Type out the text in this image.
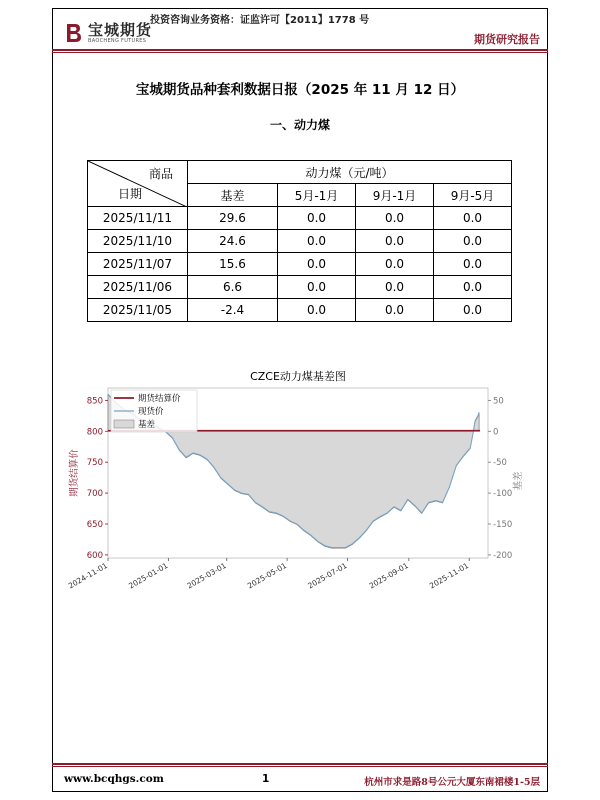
宝城期货
BAOCHENG FUTURES
投资咨询业务资格：证监许可【2011】1778 号
期货研究报告
宝城期货品种套利数据日报（2025 年 11 月 12 日）
一、动力煤
商品
日期	动力煤（元/吨）			
	基差	5月-1月	9月-1月	9月-5月
2025/11/11	29.6	0.0	0.0	0.0
2025/11/10	24.6	0.0	0.0	0.0
2025/11/07	15.6	0.0	0.0	0.0
2025/11/06	6.6	0.0	0.0	0.0
2025/11/05	-2.4	0.0	0.0	0.0
CZCE动力煤基差图
600
650
700
750
800
850
-200
-150
-100
-50
0
50
2024-11-01 2025-01-01 2025-03-01 2025-05-01 2025-07-01	2025-09-01 2025-11-01
期货结算价	基差
期货结算价
现货价
基差
www.bcqhgs.com	1	杭州市求是路8号公元大厦东南裙楼1-5层
